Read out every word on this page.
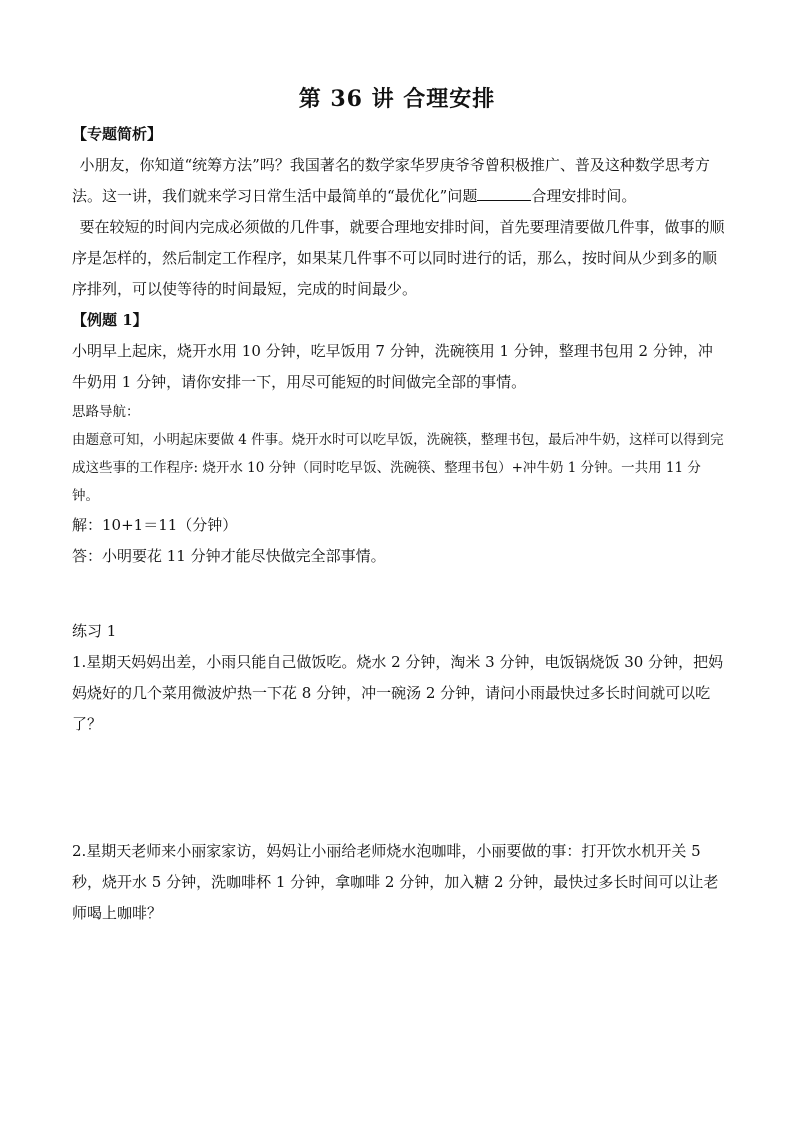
第 36 讲 合理安排

【专题简析】

小朋友，你知道“统筹方法”吗？我国著名的数学家华罗庚爷爷曾积极推广、普及这种数学思考方法。这一讲，我们就来学习日常生活中最简单的“最优化”问题	合理安排时间。

要在较短的时间内完成必须做的几件事，就要合理地安排时间，首先要理清要做几件事，做事的顺序是怎样的，然后制定工作程序，如果某几件事不可以同时进行的话，那么，按时间从少到多的顺序排列，可以使等待的时间最短，完成的时间最少。

【例题 1】

小明早上起床，烧开水用 10 分钟，吃早饭用 7 分钟，洗碗筷用 1 分钟，整理书包用 2 分钟，冲牛奶用 1 分钟，请你安排一下，用尽可能短的时间做完全部的事情。

思路导航：

由题意可知，小明起床要做 4 件事。烧开水时可以吃早饭，洗碗筷，整理书包，最后冲牛奶，这样可以得到完成这些事的工作程序: 烧开水 10 分钟（同时吃早饭、洗碗筷、整理书包）+冲牛奶 1 分钟。一共用 11 分钟。

解：10+1＝11（分钟）

答：小明要花 11 分钟才能尽快做完全部事情。

练习 1

1.星期天妈妈出差，小雨只能自己做饭吃。烧水 2 分钟，淘米 3 分钟，电饭锅烧饭 30 分钟，把妈妈烧好的几个菜用微波炉热一下花 8 分钟，冲一碗汤 2 分钟，请问小雨最快过多长时间就可以吃了？

2.星期天老师来小丽家家访，妈妈让小丽给老师烧水泡咖啡，小丽要做的事：打开饮水机开关 5 秒，烧开水 5 分钟，洗咖啡杯 1 分钟，拿咖啡 2 分钟，加入糖 2 分钟，最快过多长时间可以让老师喝上咖啡？
